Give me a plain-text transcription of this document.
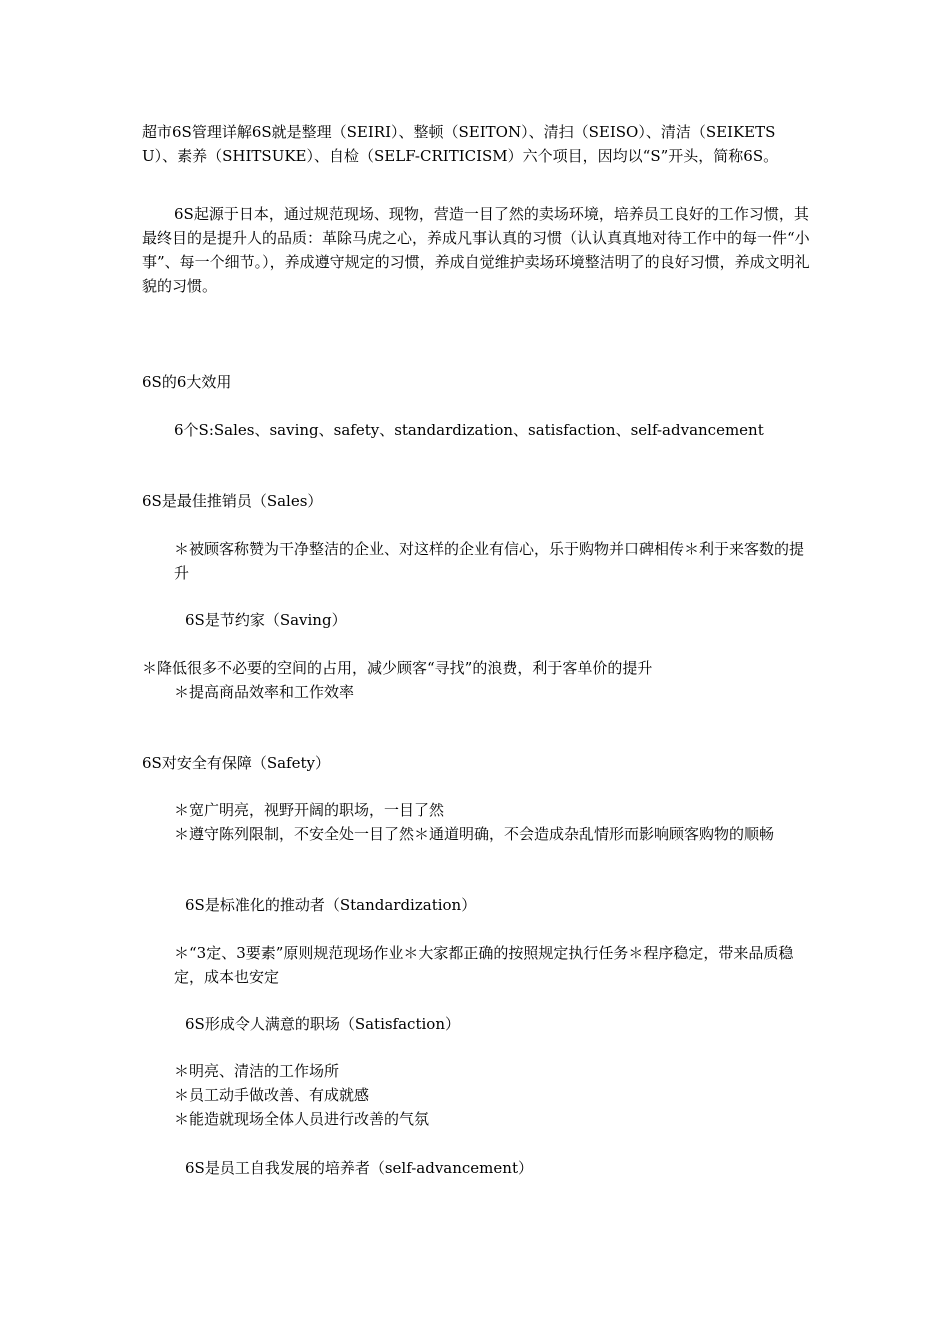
超市6S管理详解6S就是整理（SEIRI）、整顿（SEITON）、清扫（SEISO）、清洁（SEIKETSU）、素养（SHITSUKE）、自检（SELF-CRITICISM）六个项目，因均以“S”开头，简称6S。

6S起源于日本，通过规范现场、现物，营造一目了然的卖场环境，培养员工良好的工作习惯，其最终目的是提升人的品质：革除马虎之心，养成凡事认真的习惯（认认真真地对待工作中的每一件“小事”、每一个细节。），养成遵守规定的习惯，养成自觉维护卖场环境整洁明了的良好习惯，养成文明礼貌的习惯。

6S的6大效用

6个S:Sales、saving、safety、standardization、satisfaction、self-advancement

6S是最佳推销员（Sales）

＊被顾客称赞为干净整洁的企业、对这样的企业有信心，乐于购物并口碑相传＊利于来客数的提升

6S是节约家（Saving）

＊降低很多不必要的空间的占用，减少顾客“寻找”的浪费，利于客单价的提升

＊提高商品效率和工作效率

6S对安全有保障（Safety）

＊宽广明亮，视野开阔的职场，一目了然

＊遵守陈列限制，不安全处一目了然＊通道明确，不会造成杂乱情形而影响顾客购物的顺畅

6S是标准化的推动者（Standardization）

＊“3定、3要素”原则规范现场作业＊大家都正确的按照规定执行任务＊程序稳定，带来品质稳定，成本也安定

6S形成令人满意的职场（Satisfaction）

＊明亮、清洁的工作场所

＊员工动手做改善、有成就感

＊能造就现场全体人员进行改善的气氛

6S是员工自我发展的培养者（self-advancement）
